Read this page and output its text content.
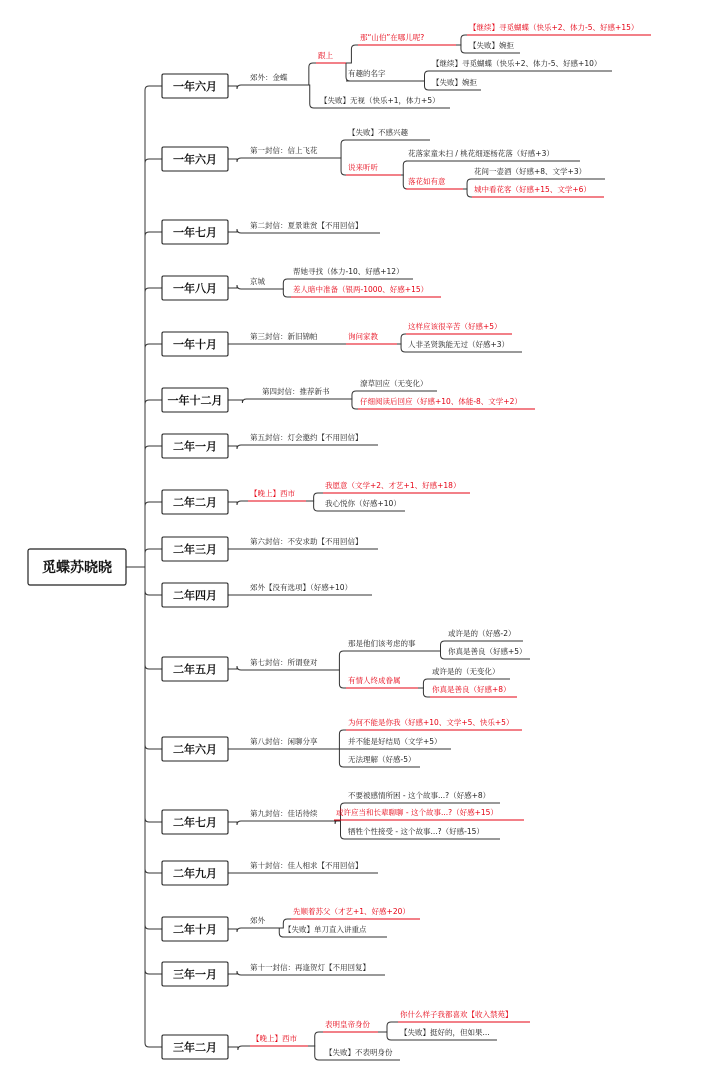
觅蝶苏晓晓
一年六月
一年六月
一年七月
一年八月
一年十月
一年十二月
二年一月
二年二月
二年三月
二年四月
二年五月
二年六月
二年七月
二年九月
二年十月
三年一月
三年二月
郊外：金蝶
跟上
那“山伯”在哪儿呢?
【继续】寻觅蝴蝶（快乐+2、体力-5、好感+15）
【失败】婉拒
有趣的名字
【继续】寻觅蝴蝶（快乐+2、体力-5、好感+10）
【失败】婉拒
【失败】无视（快乐+1，体力+5）
第一封信：信上飞花
【失败】不感兴趣
说来听听
花落家童未扫 / 桃花细逐杨花落（好感+3）
落花如有意
花间一壶酒（好感+8、文学+3）
城中看花客（好感+15、文学+6）
第二封信：夏景谁赏【不用回信】
京城
帮她寻找（体力-10、好感+12）
差人暗中准备（银两-1000、好感+15）
第三封信：新旧锦帕	询问家教
这样应该很辛苦（好感+5）
人非圣贤孰能无过（好感+3）
第四封信：推荐新书
潦草回应（无变化）
仔细阅读后回应（好感+10、体能-8、文学+2）
第五封信：灯会邀约【不用回信】
【晚上】西市
我愿意（文学+2、才艺+1、好感+18）
我心悦你（好感+10）
第六封信：不安求助【不用回信】
郊外【没有选项】（好感+10）
第七封信：所谓登对
那是他们该考虑的事
或许是的（好感-2）
你真是善良（好感+5）
有情人终成眷属
或许是的（无变化）
你真是善良（好感+8）
第八封信：闲聊分享
为何不能是你我（好感+10、文学+5、快乐+5）
并不能是好结局（文学+5）
无法理解（好感-5）
第九封信：佳话待续
不要被感情所困 - 这个故事...?（好感+8）
或许应当和长辈聊聊 - 这个故事...?（好感+15）
牺牲个性接受 - 这个故事...?（好感-15）
第十封信：佳人相求【不用回信】
郊外
先顺着苏父（才艺+1、好感+20）
【失败】单刀直入讲重点
第十一封信：再逢贺灯【不用回复】
【晚上】西市
表明皇帝身份
你什么样子我都喜欢【收入禁苑】
【失败】挺好的，但如果...
【失败】不表明身份
